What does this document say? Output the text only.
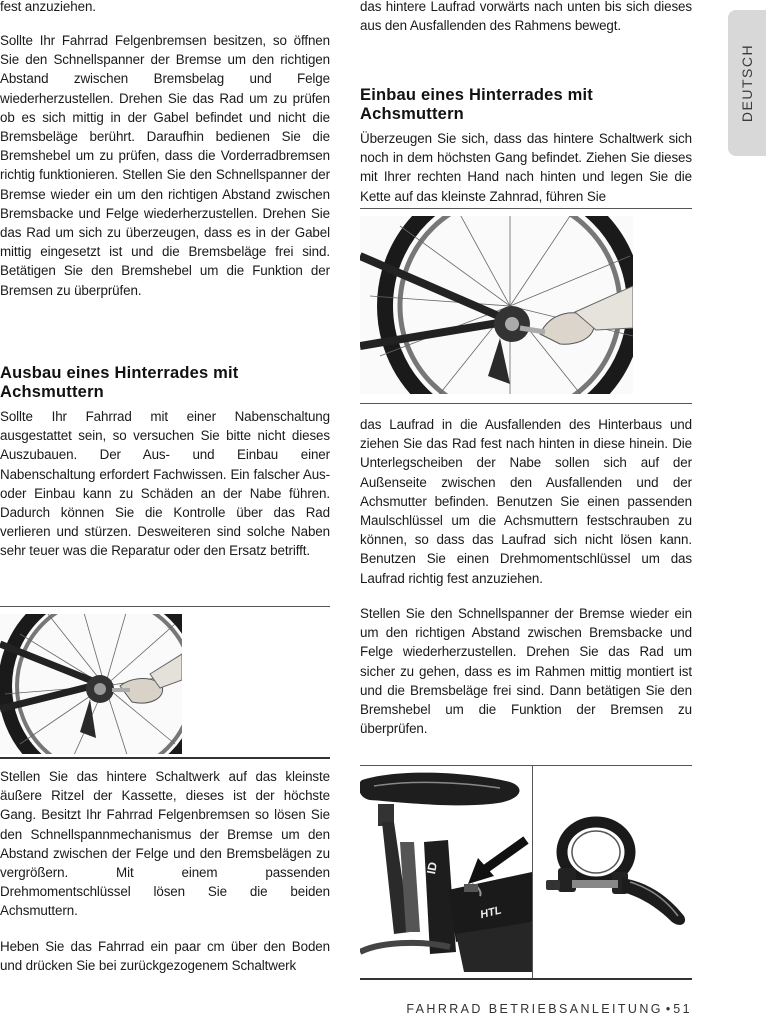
DEUTSCH

fest anzuziehen.

Sollte Ihr Fahrrad Felgenbremsen besitzen, so öffnen Sie den Schnellspanner der Bremse um den richtigen Abstand zwischen Bremsbelag und Felge wiederherzustellen. Drehen Sie das Rad um zu prüfen ob es sich mittig in der Gabel befindet und nicht die Bremsbeläge berührt. Daraufhin bedienen Sie die Bremshebel um zu prüfen, dass die Vorderradbremsen richtig funktionieren. Stellen Sie den Schnellspanner der Bremse wieder ein um den richtigen Abstand zwischen Bremsbacke und Felge wiederherzustellen. Drehen Sie das Rad um sich zu überzeugen, dass es in der Gabel mittig eingesetzt ist und die Bremsbeläge frei sind. Betätigen Sie den Bremshebel um die Funktion der Bremsen zu überprüfen.

Ausbau eines Hinterrades mit Achsmuttern

Sollte Ihr Fahrrad mit einer Nabenschaltung ausgestattet sein, so versuchen Sie bitte nicht dieses Auszubauen. Der Aus- und Einbau einer Nabenschaltung erfordert Fachwissen. Ein falscher Aus- oder Einbau kann zu Schäden an der Nabe führen. Dadurch können Sie die Kontrolle über das Rad verlieren und stürzen. Desweiteren sind solche Naben sehr teuer was die Reparatur oder den Ersatz betrifft.

Stellen Sie das hintere Schaltwerk auf das kleinste äußere Ritzel der Kassette, dieses ist der höchste Gang. Besitzt Ihr Fahrrad Felgenbremsen so lösen Sie den Schnellspannmechanismus der Bremse um den Abstand zwischen der Felge und den Bremsbelägen zu vergrößern. Mit einem passenden Drehmomentschlüssel lösen Sie die beiden Achsmuttern.

Heben Sie das Fahrrad ein paar cm über den Boden und drücken Sie bei zurückgezogenem Schaltwerk

das hintere Laufrad vorwärts nach unten bis sich dieses aus den Ausfallenden des Rahmens bewegt.

Einbau eines Hinterrades mit Achsmuttern

Überzeugen Sie sich, dass das hintere Schaltwerk sich noch in dem höchsten Gang befindet. Ziehen Sie dieses mit Ihrer rechten Hand nach hinten und legen Sie die Kette auf das kleinste Zahnrad, führen Sie

das Laufrad in die Ausfallenden des Hinterbaus und ziehen Sie das Rad fest nach hinten in diese hinein. Die Unterlegscheiben der Nabe sollen sich auf der Außenseite zwischen den Ausfallenden und der Achsmutter befinden. Benutzen Sie einen passenden Maulschlüssel um die Achsmuttern festschrauben zu können, so dass das Laufrad sich nicht lösen kann. Benutzen Sie einen Drehmomentschlüssel um das Laufrad richtig fest anzuziehen.

Stellen Sie den Schnellspanner der Bremse wieder ein um den richtigen Abstand zwischen Bremsbacke und Felge wiederherzustellen. Drehen Sie das Rad um sicher zu gehen, dass es im Rahmen mittig montiert ist und die Bremsbeläge frei sind. Dann betätigen Sie den Bremshebel um die Funktion der Bremsen zu überprüfen.

ID
HTL
FAHRRAD BETRIEBSANLEITUNG • 51
